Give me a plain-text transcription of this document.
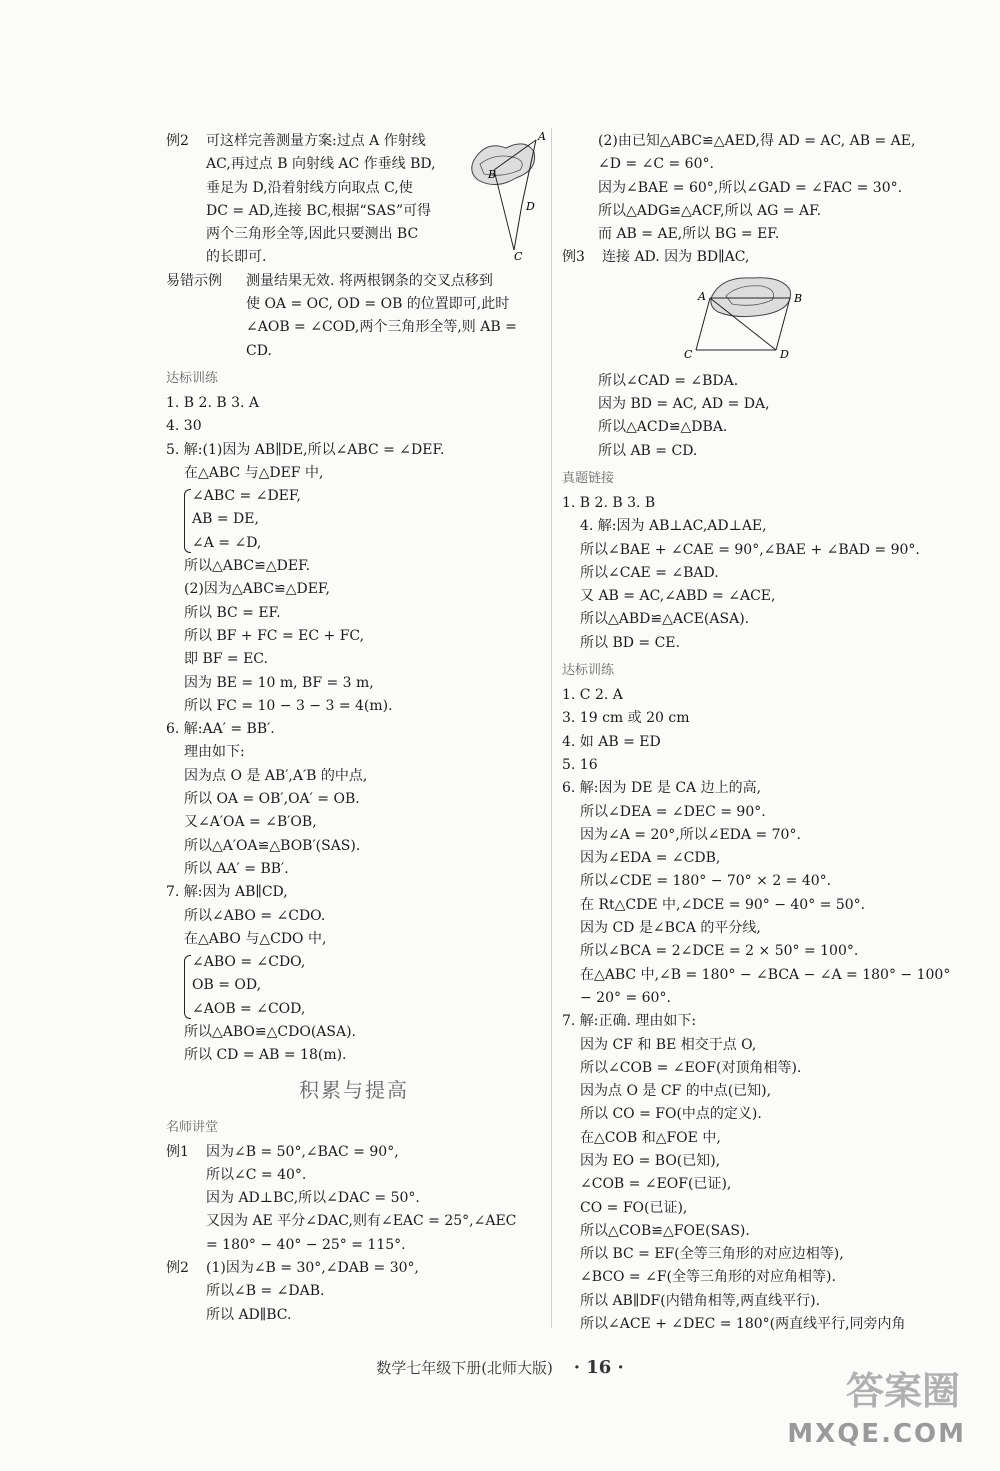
例2 可这样完善测量方案:过点 A 作射线
AC,再过点 B 向射线 AC 作垂线 BD,
垂足为 D,沿着射线方向取点 C,使
DC = AD,连接 BC,根据“SAS”可得
两个三角形全等,因此只要测出 BC
的长即可.
A
B
D
C
易错示例 测量结果无效. 将两根钢条的交叉点移到
使 OA = OC, OD = OB 的位置即可,此时
∠AOB = ∠COD,两个三角形全等,则 AB =
CD.
达标训练
1. B 2. B 3. A
4. 30
5. 解:(1)因为 AB∥DE,所以∠ABC = ∠DEF.
在△ABC 与△DEF 中,
∠ABC = ∠DEF,
AB = DE,
∠A = ∠D,
所以△ABC≌△DEF.
(2)因为△ABC≌△DEF,
所以 BC = EF.
所以 BF + FC = EC + FC,
即 BF = EC.
因为 BE = 10 m, BF = 3 m,
所以 FC = 10 − 3 − 3 = 4(m).
6. 解:AA′ = BB′.
理由如下:
因为点 O 是 AB′,A′B 的中点,
所以 OA = OB′,OA′ = OB.
又∠A′OA = ∠B′OB,
所以△A′OA≌△BOB′(SAS).
所以 AA′ = BB′.
7. 解:因为 AB∥CD,
所以∠ABO = ∠CDO.
在△ABO 与△CDO 中,
∠ABO = ∠CDO,
OB = OD,
∠AOB = ∠COD,
所以△ABO≌△CDO(ASA).
所以 CD = AB = 18(m).
积累与提高
名师讲堂
例1 因为∠B = 50°,∠BAC = 90°,
所以∠C = 40°.
因为 AD⊥BC,所以∠DAC = 50°.
又因为 AE 平分∠DAC,则有∠EAC = 25°,∠AEC
= 180° − 40° − 25° = 115°.
例2 (1)因为∠B = 30°,∠DAB = 30°,
所以∠B = ∠DAB.
所以 AD∥BC.
(2)由已知△ABC≌△AED,得 AD = AC, AB = AE,
∠D = ∠C = 60°.
因为∠BAE = 60°,所以∠GAD = ∠FAC = 30°.
所以△ADG≌△ACF,所以 AG = AF.
而 AB = AE,所以 BG = EF.
例3 连接 AD. 因为 BD∥AC,
A	B
C	D
所以∠CAD = ∠BDA.
因为 BD = AC, AD = DA,
所以△ACD≌△DBA.
所以 AB = CD.
真题链接
1. B 2. B 3. B
4. 解:因为 AB⊥AC,AD⊥AE,
所以∠BAE + ∠CAE = 90°,∠BAE + ∠BAD = 90°.
所以∠CAE = ∠BAD.
又 AB = AC,∠ABD = ∠ACE,
所以△ABD≌△ACE(ASA).
所以 BD = CE.
达标训练
1. C 2. A
3. 19 cm 或 20 cm
4. 如 AB = ED
5. 16
6. 解:因为 DE 是 CA 边上的高,
所以∠DEA = ∠DEC = 90°.
因为∠A = 20°,所以∠EDA = 70°.
因为∠EDA = ∠CDB,
所以∠CDE = 180° − 70° × 2 = 40°.
在 Rt△CDE 中,∠DCE = 90° − 40° = 50°.
因为 CD 是∠BCA 的平分线,
所以∠BCA = 2∠DCE = 2 × 50° = 100°.
在△ABC 中,∠B = 180° − ∠BCA − ∠A = 180° − 100°
− 20° = 60°.
7. 解:正确. 理由如下:
因为 CF 和 BE 相交于点 O,
所以∠COB = ∠EOF(对顶角相等).
因为点 O 是 CF 的中点(已知),
所以 CO = FO(中点的定义).
在△COB 和△FOE 中,
因为 EO = BO(已知),
∠COB = ∠EOF(已证),
CO = FO(已证),
所以△COB≌△FOE(SAS).
所以 BC = EF(全等三角形的对应边相等),
∠BCO = ∠F(全等三角形的对应角相等).
所以 AB∥DF(内错角相等,两直线平行).
所以∠ACE + ∠DEC = 180°(两直线平行,同旁内角
数学七年级下册(北师大版) · 16 ·
答案圈
MXQE.COM
